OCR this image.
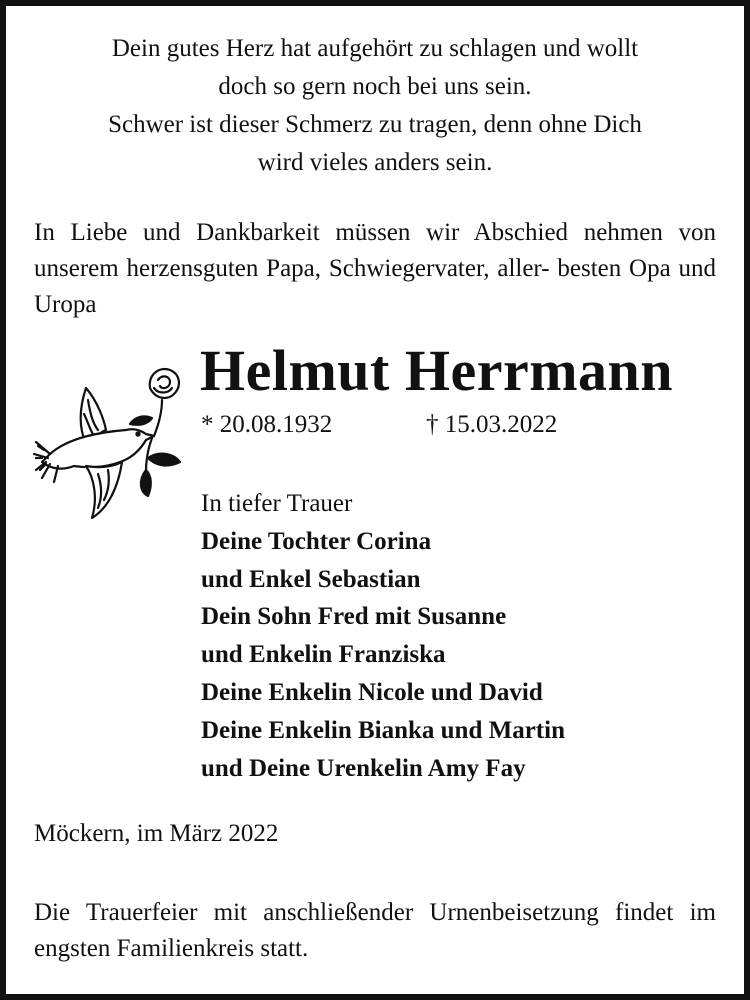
Dein gutes Herz hat aufgehört zu schlagen und wollt
doch so gern noch bei uns sein.
Schwer ist dieser Schmerz zu tragen, denn ohne Dich
wird vieles anders sein.

In Liebe und Dankbarkeit müssen wir Abschied nehmen von unserem herzensguten Papa, Schwiegervater, aller- besten Opa und Uropa

Helmut Herrmann
* 20.08.1932	† 15.03.2022
In tiefer Trauer
Deine Tochter Corina
und Enkel Sebastian
Dein Sohn Fred mit Susanne
und Enkelin Franziska
Deine Enkelin Nicole und David
Deine Enkelin Bianka und Martin
und Deine Urenkelin Amy Fay
Möckern, im März 2022

Die Trauerfeier mit anschließender Urnenbeisetzung findet im engsten Familienkreis statt.
